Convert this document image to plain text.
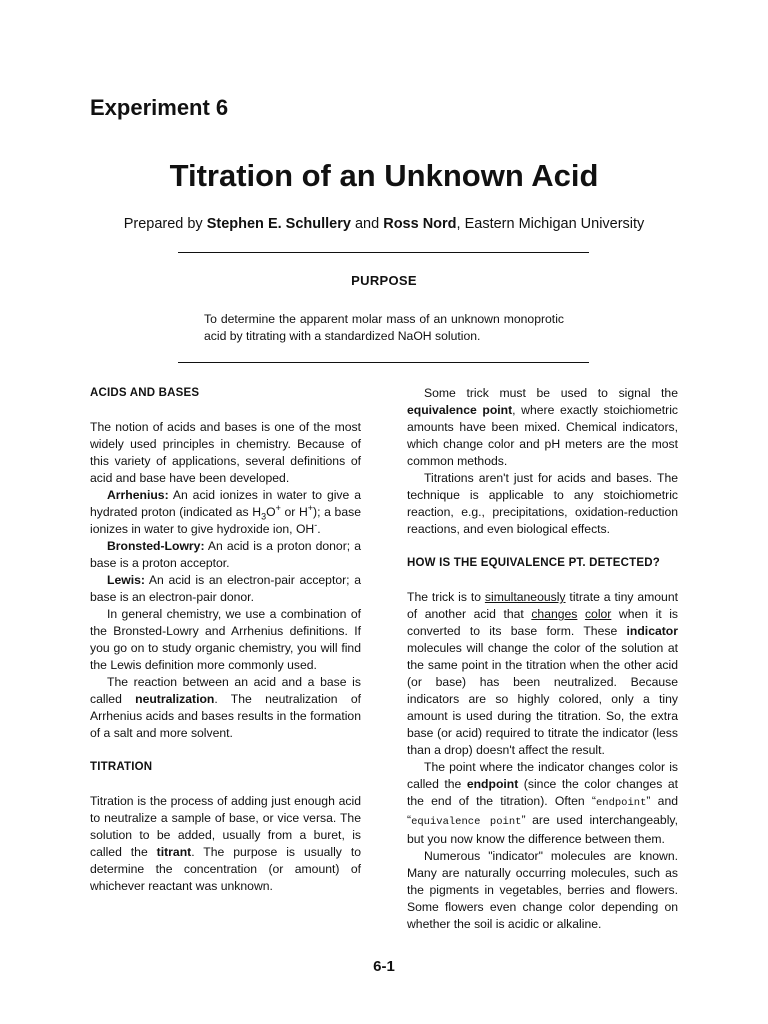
Experiment 6
Titration of an Unknown Acid
Prepared by Stephen E. Schullery and Ross Nord, Eastern Michigan University
PURPOSE
To determine the apparent molar mass of an unknown monoprotic acid by titrating with a standardized NaOH solution.

ACIDS AND BASES

The notion of acids and bases is one of the most widely used principles in chemistry. Because of this variety of applications, several definitions of acid and base have been developed.

Arrhenius: An acid ionizes in water to give a hydrated proton (indicated as $H_3O^+$ or H+); a base ionizes in water to give hydroxide ion, OH-.

Bronsted-Lowry: An acid is a proton donor; a base is a proton acceptor.

Lewis: An acid is an electron-pair acceptor; a base is an electron-pair donor.

In general chemistry, we use a combination of the Bronsted-Lowry and Arrhenius definitions. If you go on to study organic chemistry, you will find the Lewis definition more commonly used.

The reaction between an acid and a base is called neutralization. The neutralization of Arrhenius acids and bases results in the formation of a salt and more solvent.

TITRATION

Titration is the process of adding just enough acid to neutralize a sample of base, or vice versa. The solution to be added, usually from a buret, is called the titrant. The purpose is usually to determine the concentration (or amount) of whichever reactant was unknown.

Some trick must be used to signal the equivalence point, where exactly stoichiometric amounts have been mixed. Chemical indicators, which change color and pH meters are the most common methods.

Titrations aren't just for acids and bases. The technique is applicable to any stoichiometric reaction, e.g., precipitations, oxidation-reduction reactions, and even biological effects.

HOW IS THE EQUIVALENCE PT. DETECTED?

The trick is to simultaneously titrate a tiny amount of another acid that changes color when it is converted to its base form. These indicator molecules will change the color of the solution at the same point in the titration when the other acid (or base) has been neutralized. Because indicators are so highly colored, only a tiny amount is used during the titration. So, the extra base (or acid) required to titrate the indicator (less than a drop) doesn't affect the result.

The point where the indicator changes color is called the endpoint (since the color changes at the end of the titration). Often “endpoint” and “equivalence point” are used interchangeably, but you now know the difference between them.

Numerous "indicator" molecules are known. Many are naturally occurring molecules, such as the pigments in vegetables, berries and flowers. Some flowers even change color depending on whether the soil is acidic or alkaline.

6-1
